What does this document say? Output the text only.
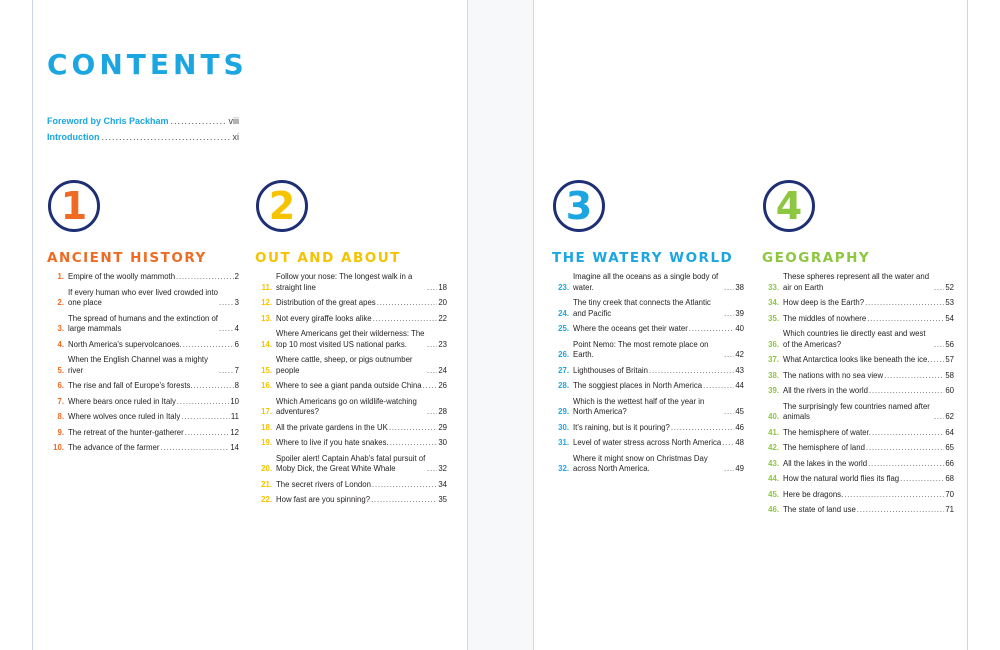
CONTENTS
Foreword by Chris Packham .....	viii
Introduction .....	xi
1
ANCIENT HISTORY
1. Empire of the woolly mammoth .....	2
2.
If every human who ever lived crowded into one place .....	3
3.
The spread of humans and the extinction of large mammals .....	4
4. North America's supervolcanoes. .....	6
5.
When the English Channel was a mighty river .....	7
6. The rise and fall of Europe's forests. .....	8
7. Where bears once ruled in Italy .....	10
8. Where wolves once ruled in Italy .....	11
9. The retreat of the hunter-gatherer .....	12
10. The advance of the farmer .....	14
2
OUT AND ABOUT
11.
Follow your nose: The longest walk in a straight line .....	18
12. Distribution of the great apes .....	20
13. Not every giraffe looks alike .....	22
14.
Where Americans get their wilderness: The top 10 most visited US national parks. .....	23
15.
Where cattle, sheep, or pigs outnumber people .....	24
16. Where to see a giant panda outside China ..... 26
17.
Which Americans go on wildlife-watching adventures? .....	28
18. All the private gardens in the UK .....	29
19. Where to live if you hate snakes. .....	30
20.
Spoiler alert! Captain Ahab's fatal pursuit of Moby Dick, the Great White Whale .....	32
21. The secret rivers of London .....	34
22. How fast are you spinning? .....	35
3
THE WATERY WORLD
23.
Imagine all the oceans as a single body of water. .....	38
24.
The tiny creek that connects the Atlantic and Pacific .....	39
25. Where the oceans get their water .....	40
26.
Point Nemo: The most remote place on Earth. .....	42
27. Lighthouses of Britain .....	43
28. The soggiest places in North America .....	44
29.
Which is the wettest half of the year in North America? .....	45
30. It's raining, but is it pouring? .....	46
31. Level of water stress across North America ..... 48
32.
Where it might snow on Christmas Day across North America. .....	49
4
GEOGRAPHY
33.
These spheres represent all the water and air on Earth .....	52
34. How deep is the Earth? .....	53
35. The middles of nowhere .....	54
36.
Which countries lie directly east and west of the Americas? .....	56
37. What Antarctica looks like beneath the ice. ..... 57
38. The nations with no sea view .....	58
39. All the rivers in the world .....	60
40.
The surprisingly few countries named after animals .....	62
41. The hemisphere of water. .....	64
42. The hemisphere of land .....	65
43. All the lakes in the world .....	66
44. How the natural world flies its flag .....	68
45. Here be dragons. .....	70
46. The state of land use .....	71
